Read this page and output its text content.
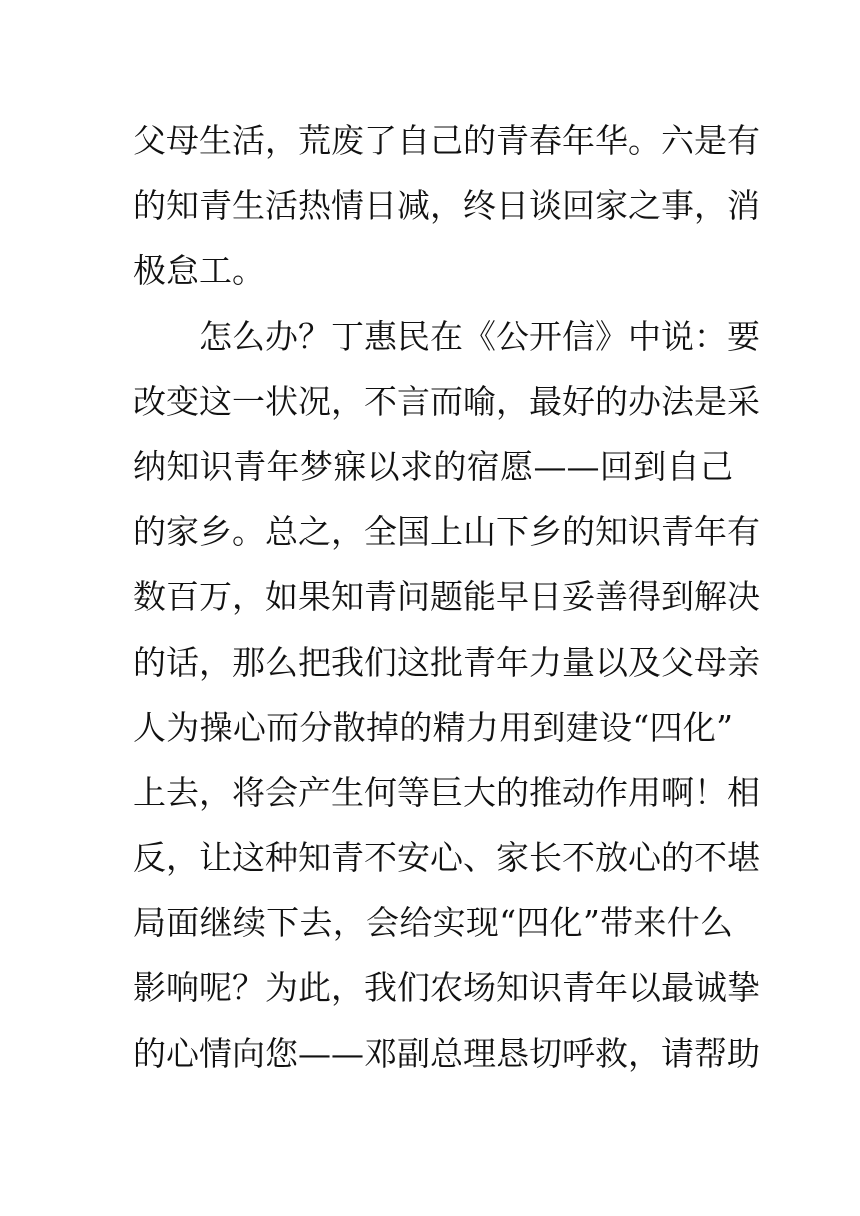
父母生活，荒废了自己的青春年华。六是有
的知青生活热情日减，终日谈回家之事，消
极怠工。
怎么办？丁惠民在《公开信》中说：要
改变这一状况，不言而喻，最好的办法是采
纳知识青年梦寐以求的宿愿——回到自己
的家乡。总之，全国上山下乡的知识青年有
数百万，如果知青问题能早日妥善得到解决
的话，那么把我们这批青年力量以及父母亲
人为操心而分散掉的精力用到建设“四化”
上去，将会产生何等巨大的推动作用啊！相
反，让这种知青不安心、家长不放心的不堪
局面继续下去，会给实现“四化”带来什么
影响呢？为此，我们农场知识青年以最诚挚
的心情向您——邓副总理恳切呼救，请帮助
